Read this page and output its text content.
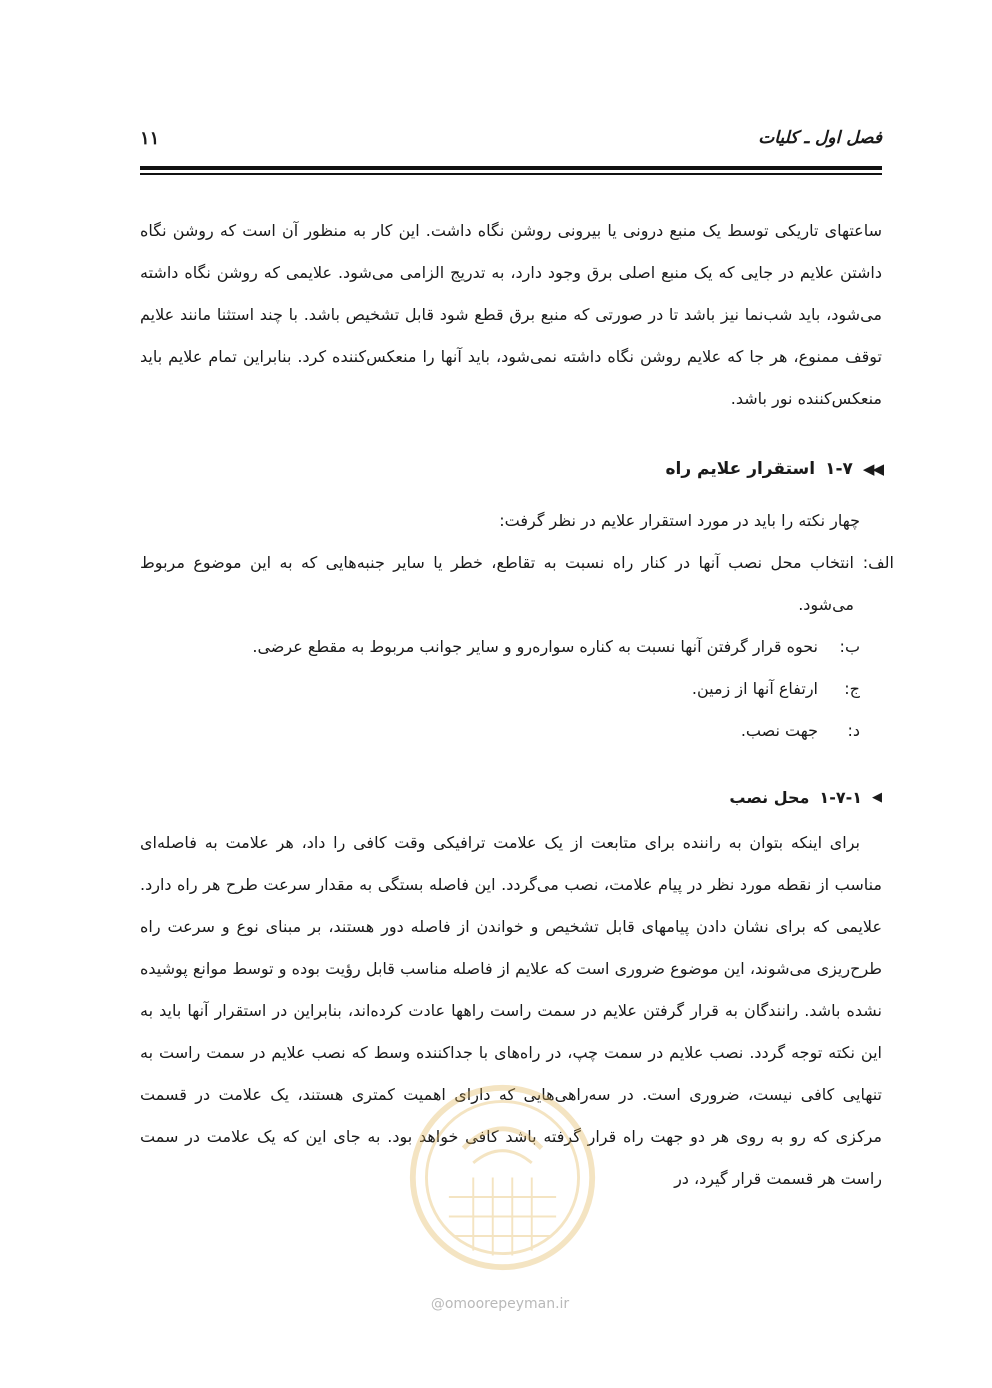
فصل اول ـ کلیات
۱۱

ساعتهای تاریکی توسط یک منبع درونی یا بیرونی روشن نگاه داشت. این کار به منظور آن است که روشن نگاه داشتن علایم در جایی که یک منبع اصلی برق وجود دارد، به تدریج الزامی می‌شود. علایمی که روشن نگاه داشته می‌شود، باید شب‌نما نیز باشد تا در صورتی که منبع برق قطع شود قابل تشخیص باشد. با چند استثنا مانند علایم توقف ممنوع، هر جا که علایم روشن نگاه داشته نمی‌شود، باید آنها را منعکس‌کننده کرد. بنابراین تمام علایم باید منعکس‌کننده نور باشد.

◀◀
۱-۷
استقرار علایم راه

چهار نکته را باید در مورد استقرار علایم در نظر گرفت:

الف:
انتخاب محل نصب آنها در کنار راه نسبت به تقاطع، خطر یا سایر جنبه‌هایی که به این موضوع مربوط می‌شود.
ب:
نحوه قرار گرفتن آنها نسبت به کناره سواره‌رو و سایر جوانب مربوط به مقطع عرضی.
ج:
ارتفاع آنها از زمین.
د:
جهت نصب.
◀
۱-۷-۱
محل نصب

برای اینکه بتوان به راننده برای متابعت از یک علامت ترافیکی وقت کافی را داد، هر علامت به فاصله‌ای مناسب از نقطه مورد نظر در پیام علامت، نصب می‌گردد. این فاصله بستگی به مقدار سرعت طرح هر راه دارد. علایمی که برای نشان دادن پیامهای قابل تشخیص و خواندن از فاصله دور هستند، بر مبنای نوع و سرعت راه طرح‌ریزی می‌شوند، این موضوع ضروری است که علایم از فاصله مناسب قابل رؤیت بوده و توسط موانع پوشیده نشده باشد. رانندگان به قرار گرفتن علایم در سمت راست راهها عادت کرده‌اند، بنابراین در استقرار آنها باید به این نکته توجه گردد. نصب علایم در سمت چپ، در راه‌های با جداکننده وسط که نصب علایم در سمت راست به تنهایی کافی نیست، ضروری است. در سه‌راهی‌هایی که دارای اهمیت کمتری هستند، یک علامت در قسمت مرکزی که رو به روی هر دو جهت راه قرار گرفته باشد کافی خواهد بود. به جای این که یک علامت در سمت راست هر قسمت قرار گیرد، در

@omoorepeyman.ir
